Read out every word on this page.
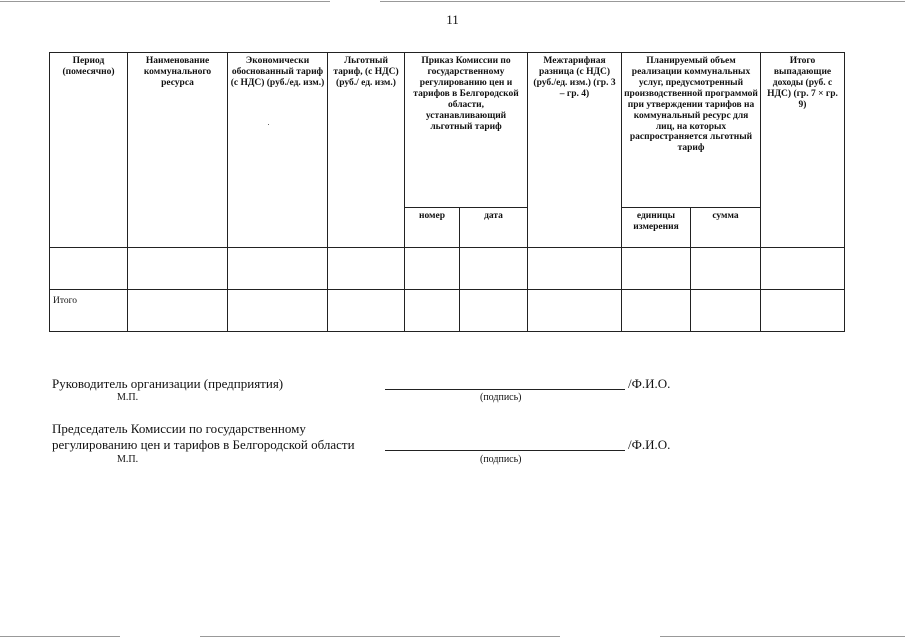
11
Период (помесячно)	Наименование коммунального ресурса	Экономически обоснованный тариф (с НДС) (руб./ед. изм.)	Льготный тариф, (с НДС) (руб./ ед. изм.)	Приказ Комиссии по государственному регулированию цен и тарифов в Белгородской области, устанавливающий льготный тариф		Межтарифная разница (с НДС) (руб./ед. изм.) (гр. 3 – гр. 4)	Планируемый объем реализации коммунальных услуг, предусмотренный производственной программой при утверждении тарифов на коммунальный ресурс для лиц, на которых распространяется льготный тариф		Итого выпадающие доходы (руб. с НДС) (гр. 7 × гр. 9)
				номер	дата		единицы измерения	сумма	

Итого									
Руководитель организации (предприятия)	/Ф.И.О.
М.П.	(подпись)
Председатель Комиссии по государственному
регулированию цен и тарифов в Белгородской области	/Ф.И.О.
М.П.	(подпись)
